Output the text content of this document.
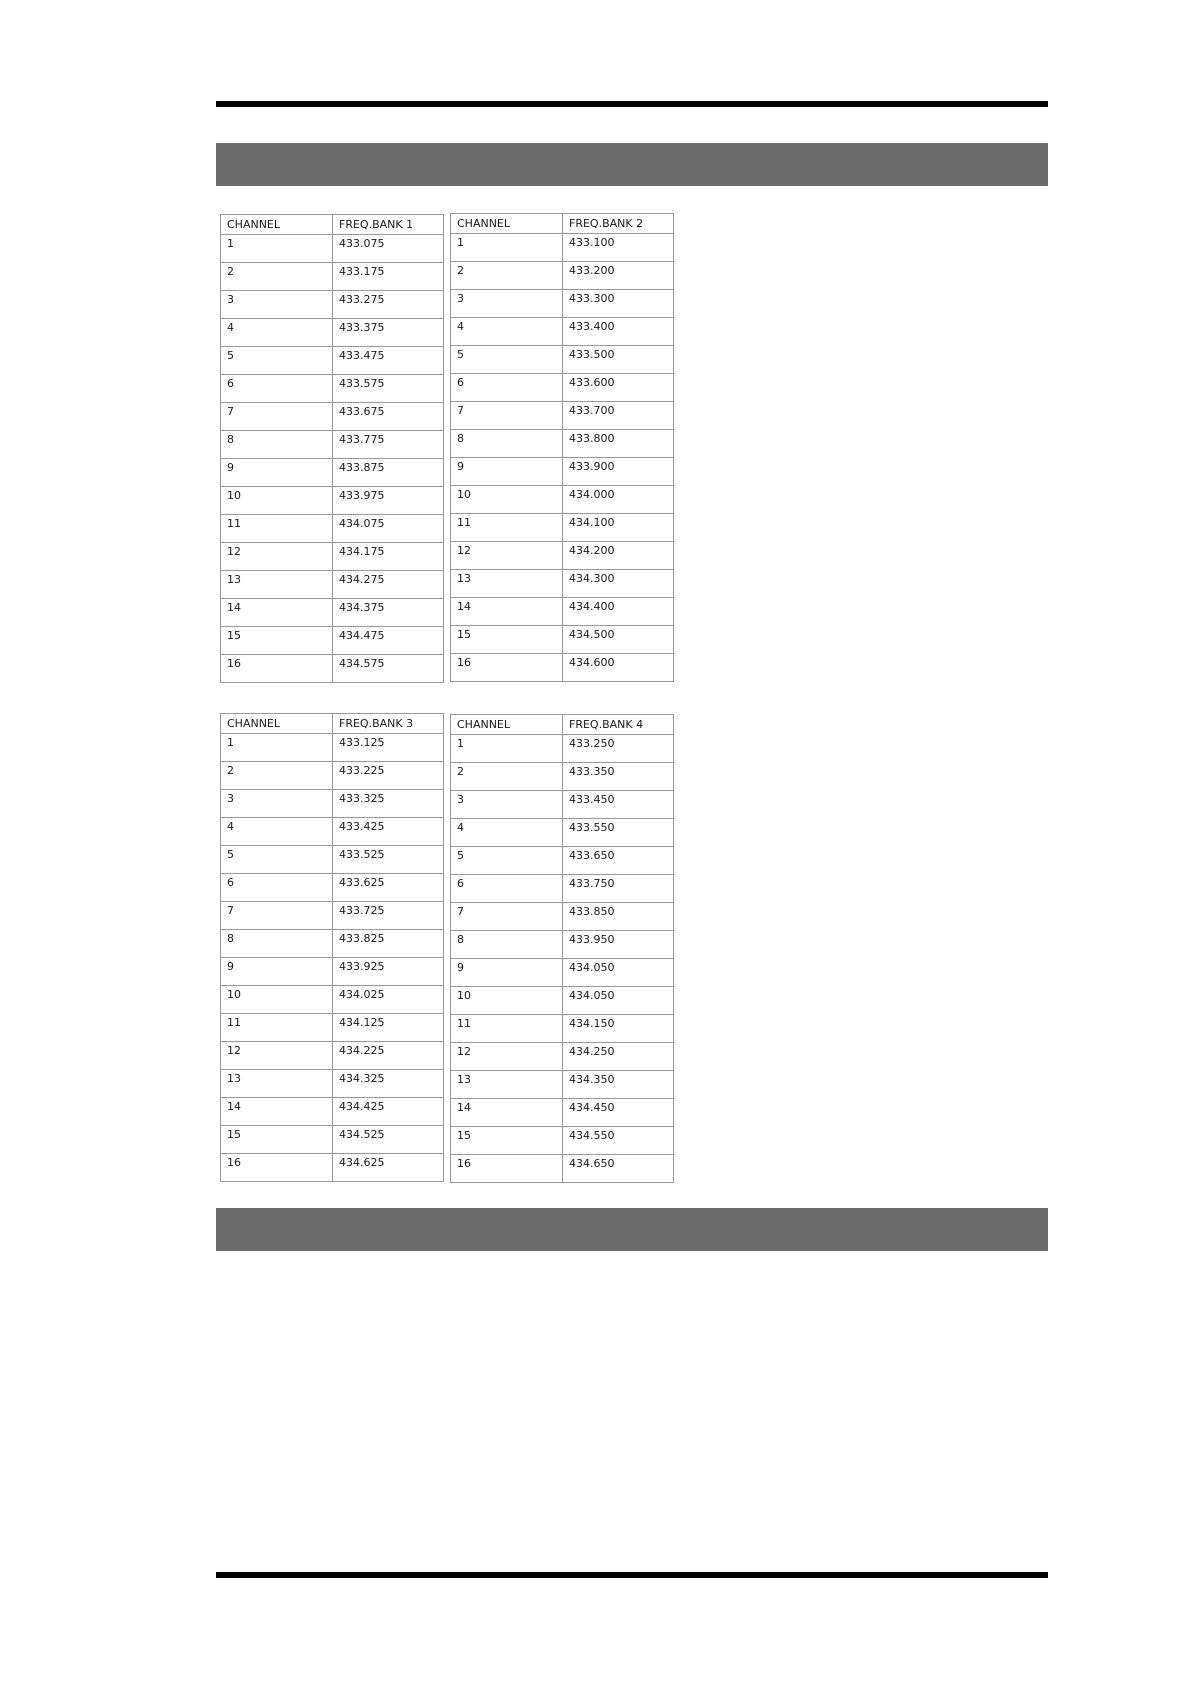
CHANNEL	FREQ.BANK 1
1	433.075
2	433.175
3	433.275
4	433.375
5	433.475
6	433.575
7	433.675
8	433.775
9	433.875
10	433.975
11	434.075
12	434.175
13	434.275
14	434.375
15	434.475
16	434.575
CHANNEL	FREQ.BANK 2
1	433.100
2	433.200
3	433.300
4	433.400
5	433.500
6	433.600
7	433.700
8	433.800
9	433.900
10	434.000
11	434.100
12	434.200
13	434.300
14	434.400
15	434.500
16	434.600
CHANNEL	FREQ.BANK 3
1	433.125
2	433.225
3	433.325
4	433.425
5	433.525
6	433.625
7	433.725
8	433.825
9	433.925
10	434.025
11	434.125
12	434.225
13	434.325
14	434.425
15	434.525
16	434.625
CHANNEL	FREQ.BANK 4
1	433.250
2	433.350
3	433.450
4	433.550
5	433.650
6	433.750
7	433.850
8	433.950
9	434.050
10	434.050
11	434.150
12	434.250
13	434.350
14	434.450
15	434.550
16	434.650
